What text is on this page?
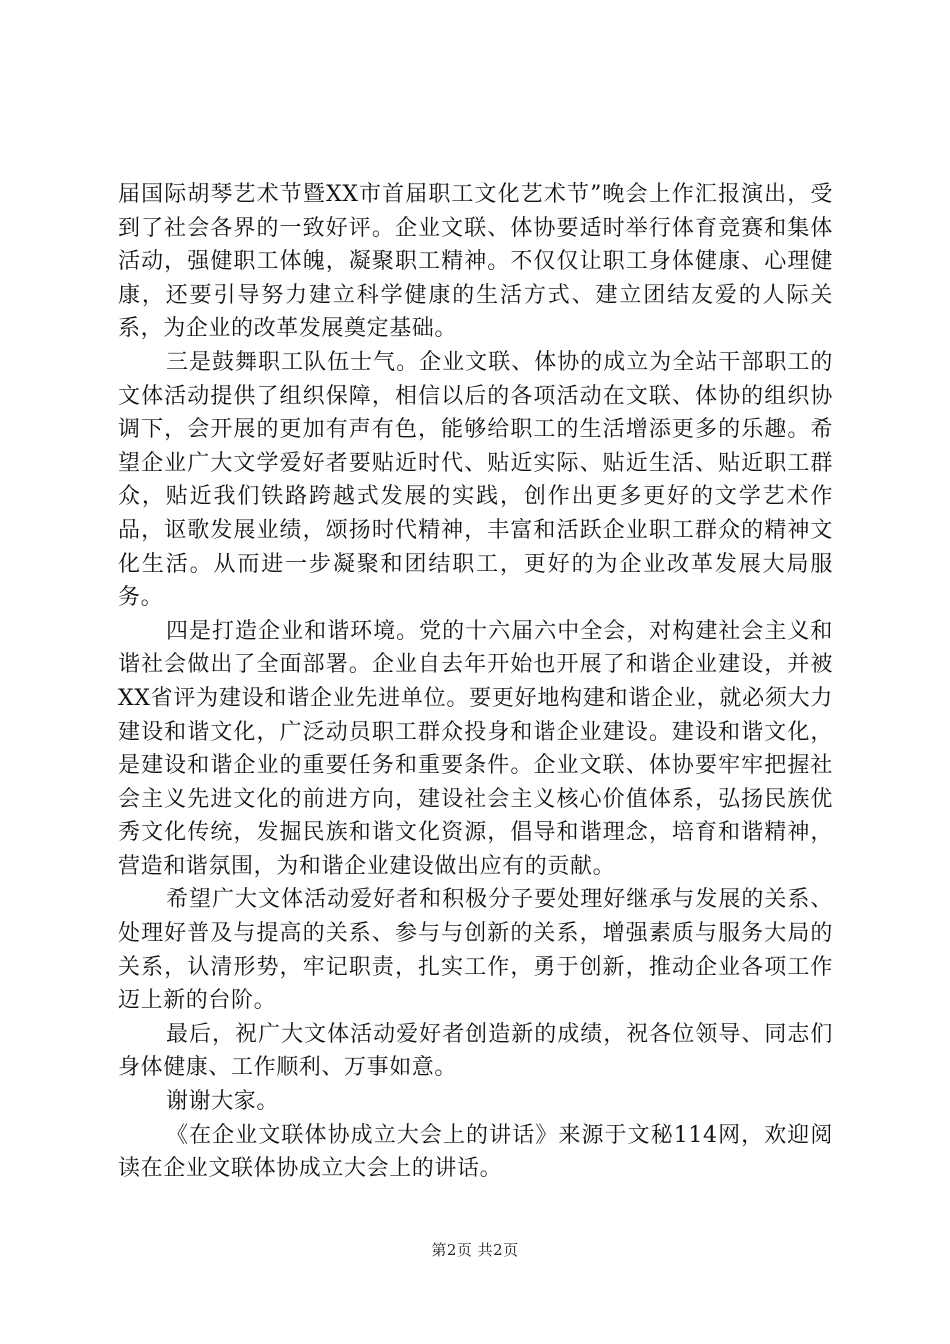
届国际胡琴艺术节暨XX市首届职工文化艺术节”晚会上作汇报演出，受到了社会各界的一致好评。企业文联、体协要适时举行体育竞赛和集体活动，强健职工体魄，凝聚职工精神。不仅仅让职工身体健康、心理健康，还要引导努力建立科学健康的生活方式、建立团结友爱的人际关系，为企业的改革发展奠定基础。

三是鼓舞职工队伍士气。企业文联、体协的成立为全站干部职工的文体活动提供了组织保障，相信以后的各项活动在文联、体协的组织协调下，会开展的更加有声有色，能够给职工的生活增添更多的乐趣。希望企业广大文学爱好者要贴近时代、贴近实际、贴近生活、贴近职工群众，贴近我们铁路跨越式发展的实践，创作出更多更好的文学艺术作品，讴歌发展业绩，颂扬时代精神，丰富和活跃企业职工群众的精神文化生活。从而进一步凝聚和团结职工，更好的为企业改革发展大局服务。

四是打造企业和谐环境。党的十六届六中全会，对构建社会主义和谐社会做出了全面部署。企业自去年开始也开展了和谐企业建设，并被XX省评为建设和谐企业先进单位。要更好地构建和谐企业，就必须大力建设和谐文化，广泛动员职工群众投身和谐企业建设。建设和谐文化，是建设和谐企业的重要任务和重要条件。企业文联、体协要牢牢把握社会主义先进文化的前进方向，建设社会主义核心价值体系，弘扬民族优秀文化传统，发掘民族和谐文化资源，倡导和谐理念，培育和谐精神，营造和谐氛围，为和谐企业建设做出应有的贡献。

希望广大文体活动爱好者和积极分子要处理好继承与发展的关系、处理好普及与提高的关系、参与与创新的关系，增强素质与服务大局的关系，认清形势，牢记职责，扎实工作，勇于创新，推动企业各项工作迈上新的台阶。

最后，祝广大文体活动爱好者创造新的成绩，祝各位领导、同志们身体健康、工作顺利、万事如意。

谢谢大家。

《在企业文联体协成立大会上的讲话》来源于文秘114网，欢迎阅读在企业文联体协成立大会上的讲话。

第2页 共2页
